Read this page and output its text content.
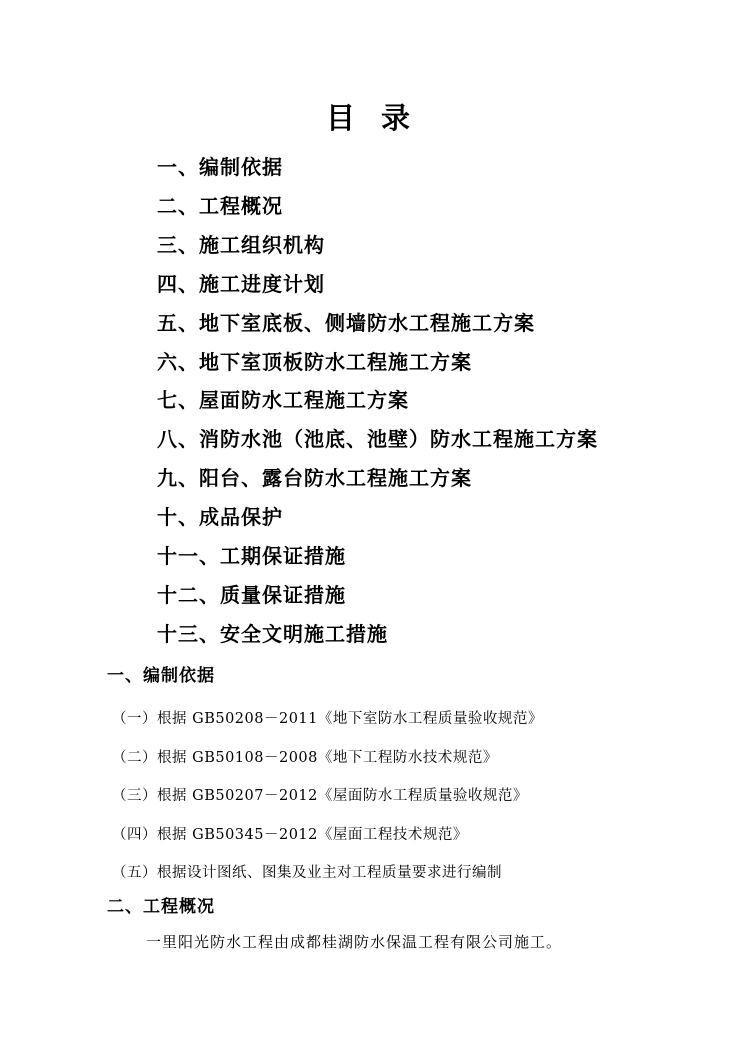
目 录
一、编制依据
二、工程概况
三、施工组织机构
四、施工进度计划
五、地下室底板、侧墙防水工程施工方案
六、地下室顶板防水工程施工方案
七、屋面防水工程施工方案
八、消防水池（池底、池壁）防水工程施工方案
九、阳台、露台防水工程施工方案
十、成品保护
十一、工期保证措施
十二、质量保证措施
十三、安全文明施工措施
一、编制依据
（一）根据 GB50208－2011《地下室防水工程质量验收规范》
（二）根据 GB50108－2008《地下工程防水技术规范》
（三）根据 GB50207－2012《屋面防水工程质量验收规范》
（四）根据 GB50345－2012《屋面工程技术规范》
（五）根据设计图纸、图集及业主对工程质量要求进行编制
二、工程概况
一里阳光防水工程由成都桂湖防水保温工程有限公司施工。
